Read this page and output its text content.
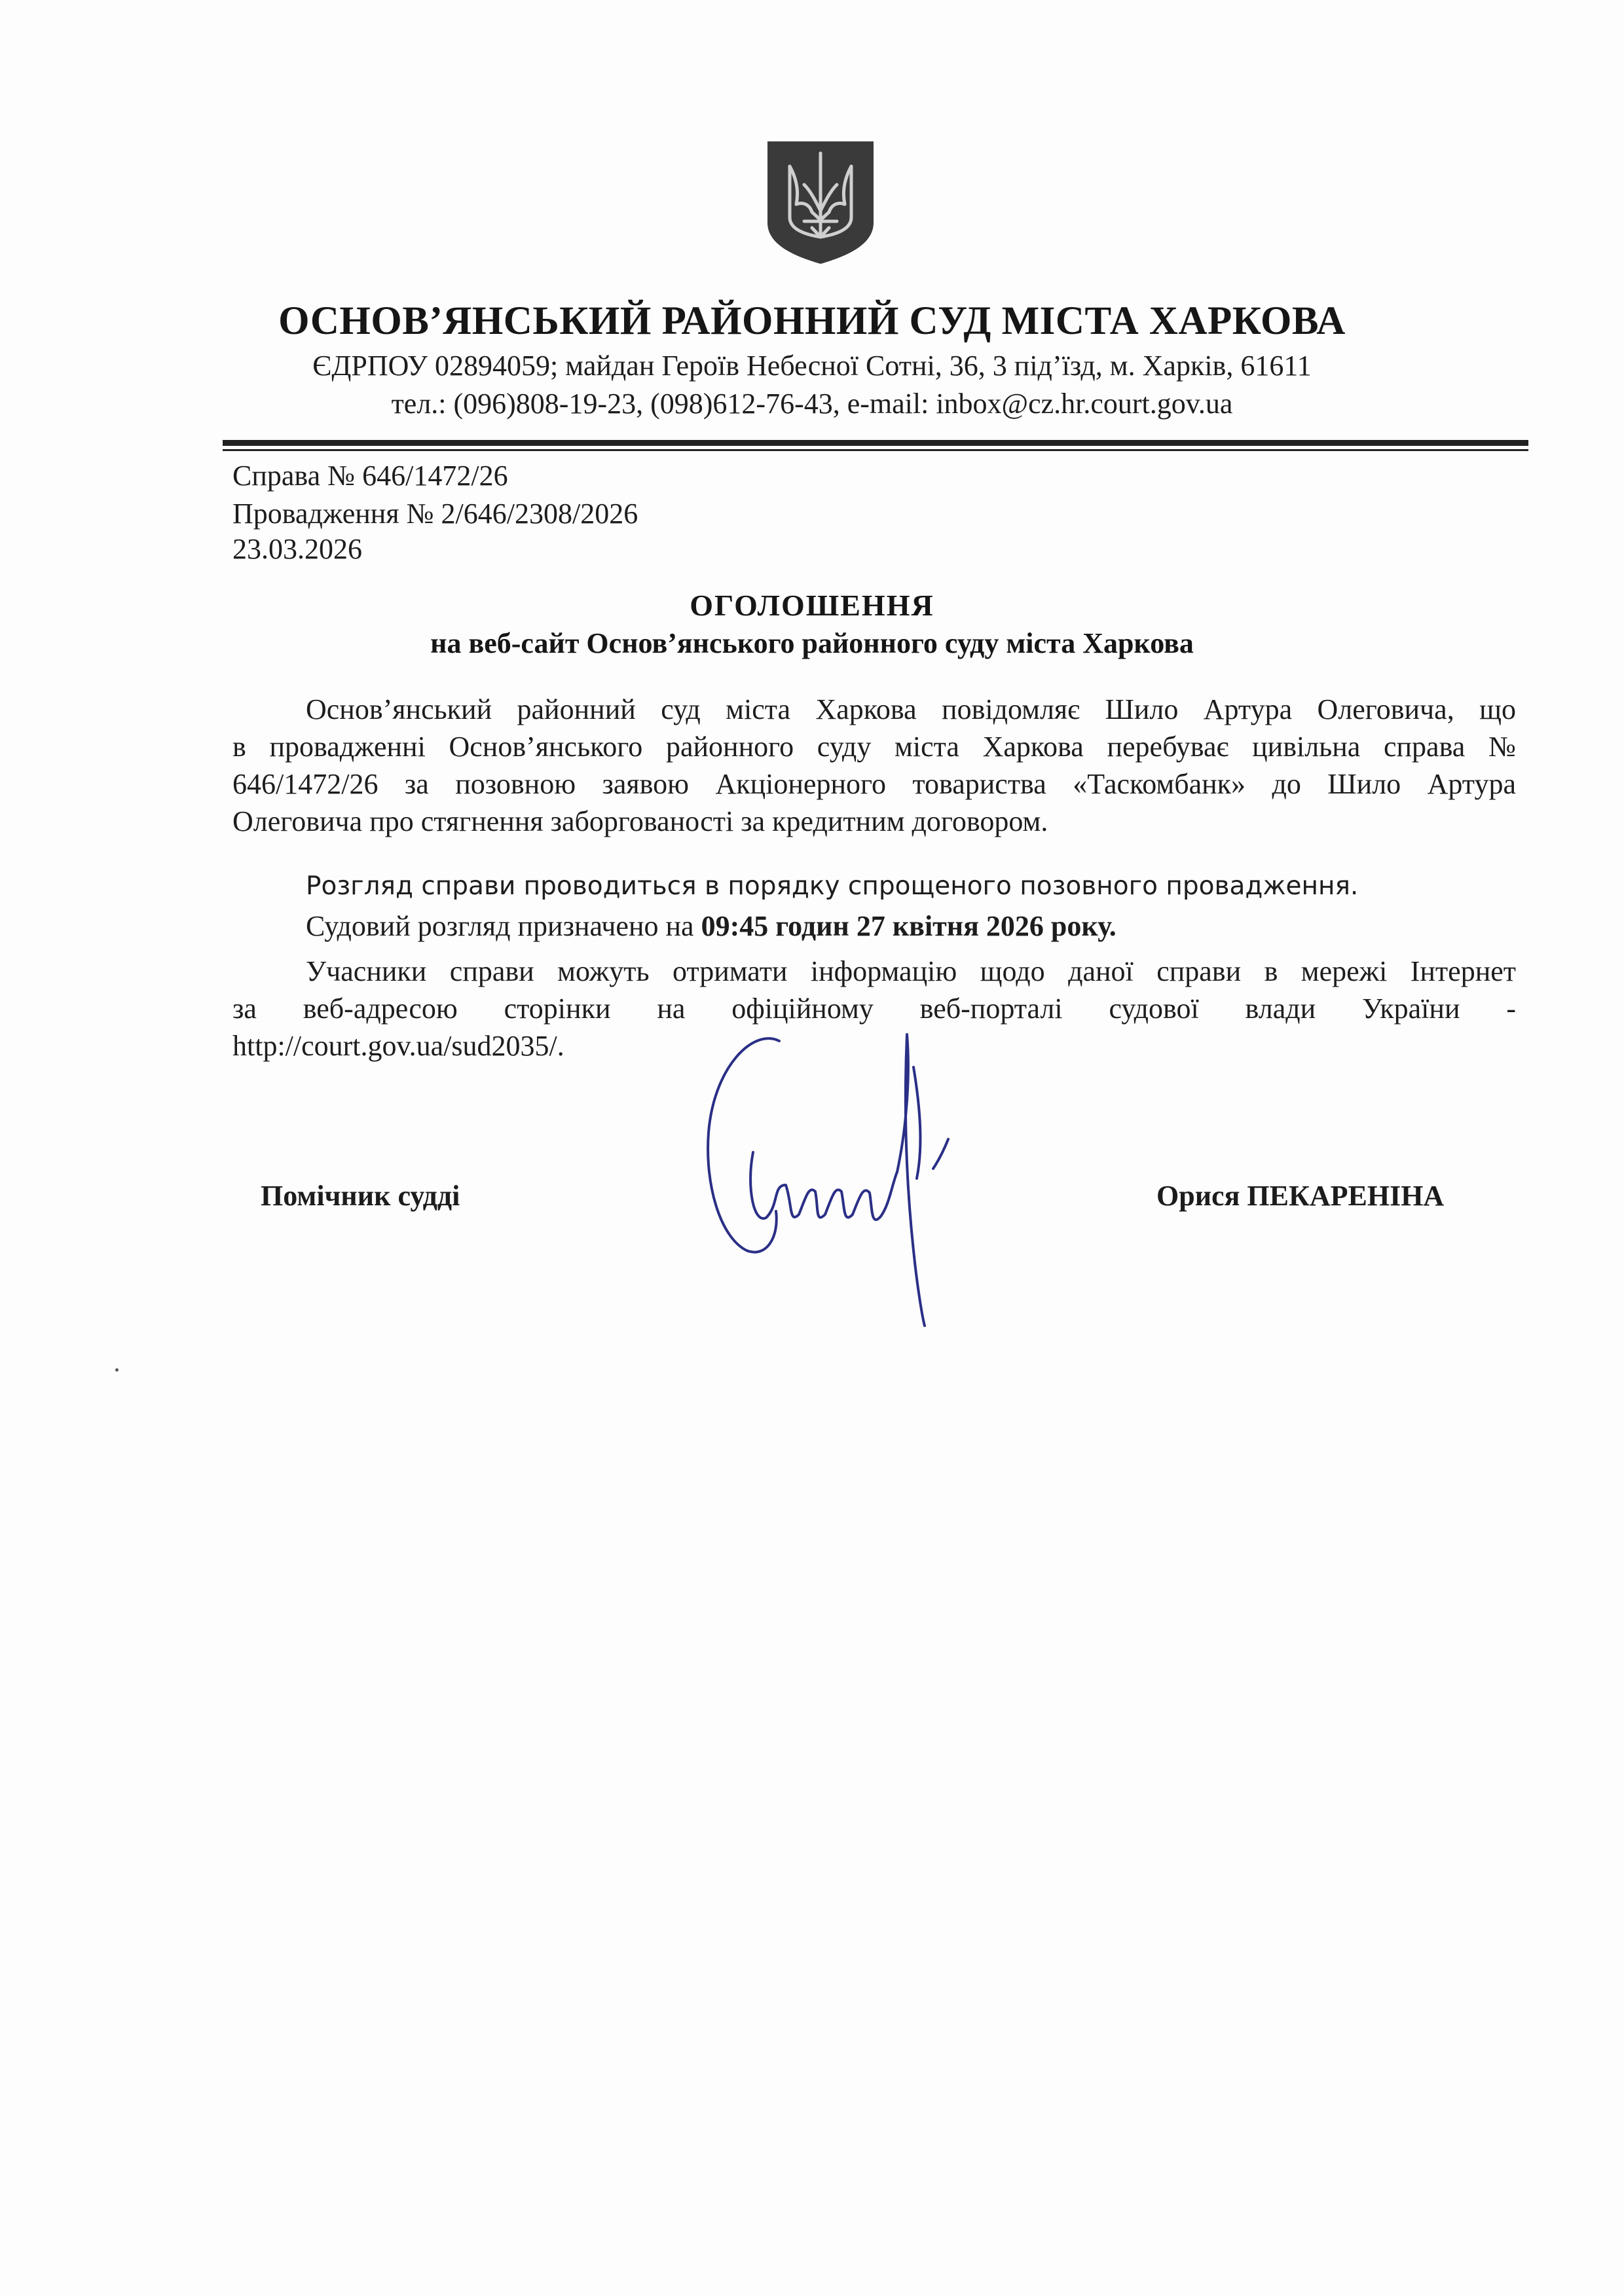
ОСНОВ’ЯНСЬКИЙ РАЙОННИЙ СУД МІСТА ХАРКОВА
ЄДРПОУ 02894059; майдан Героїв Небесної Сотні, 36, 3 під’їзд, м. Харків, 61611
тел.: (096)808-19-23, (098)612-76-43, e-mail: inbox@cz.hr.court.gov.ua
Справа № 646/1472/26
Провадження № 2/646/2308/2026
23.03.2026
ОГОЛОШЕННЯ
на веб-сайт Основ’янського районного суду міста Харкова
Основ’янський районний суд міста Харкова повідомляє Шило Артура Олеговича, що
в провадженні Основ’янського районного суду міста Харкова перебуває цивільна справа №
646/1472/26 за позовною заявою Акціонерного товариства «Таскомбанк» до Шило Артура
Олеговича про стягнення заборгованості за кредитним договором.
Розгляд справи проводиться в порядку спрощеного позовного провадження.
Судовий розгляд призначено на 09:45 годин 27 квітня 2026 року.
Учасники справи можуть отримати інформацію щодо даної справи в мережі Інтернет
за веб-адресою сторінки на офіційному веб-порталі судової влади України -
http://court.gov.ua/sud2035/.
Помічник судді	Орися ПЕКАРЕНІНА
